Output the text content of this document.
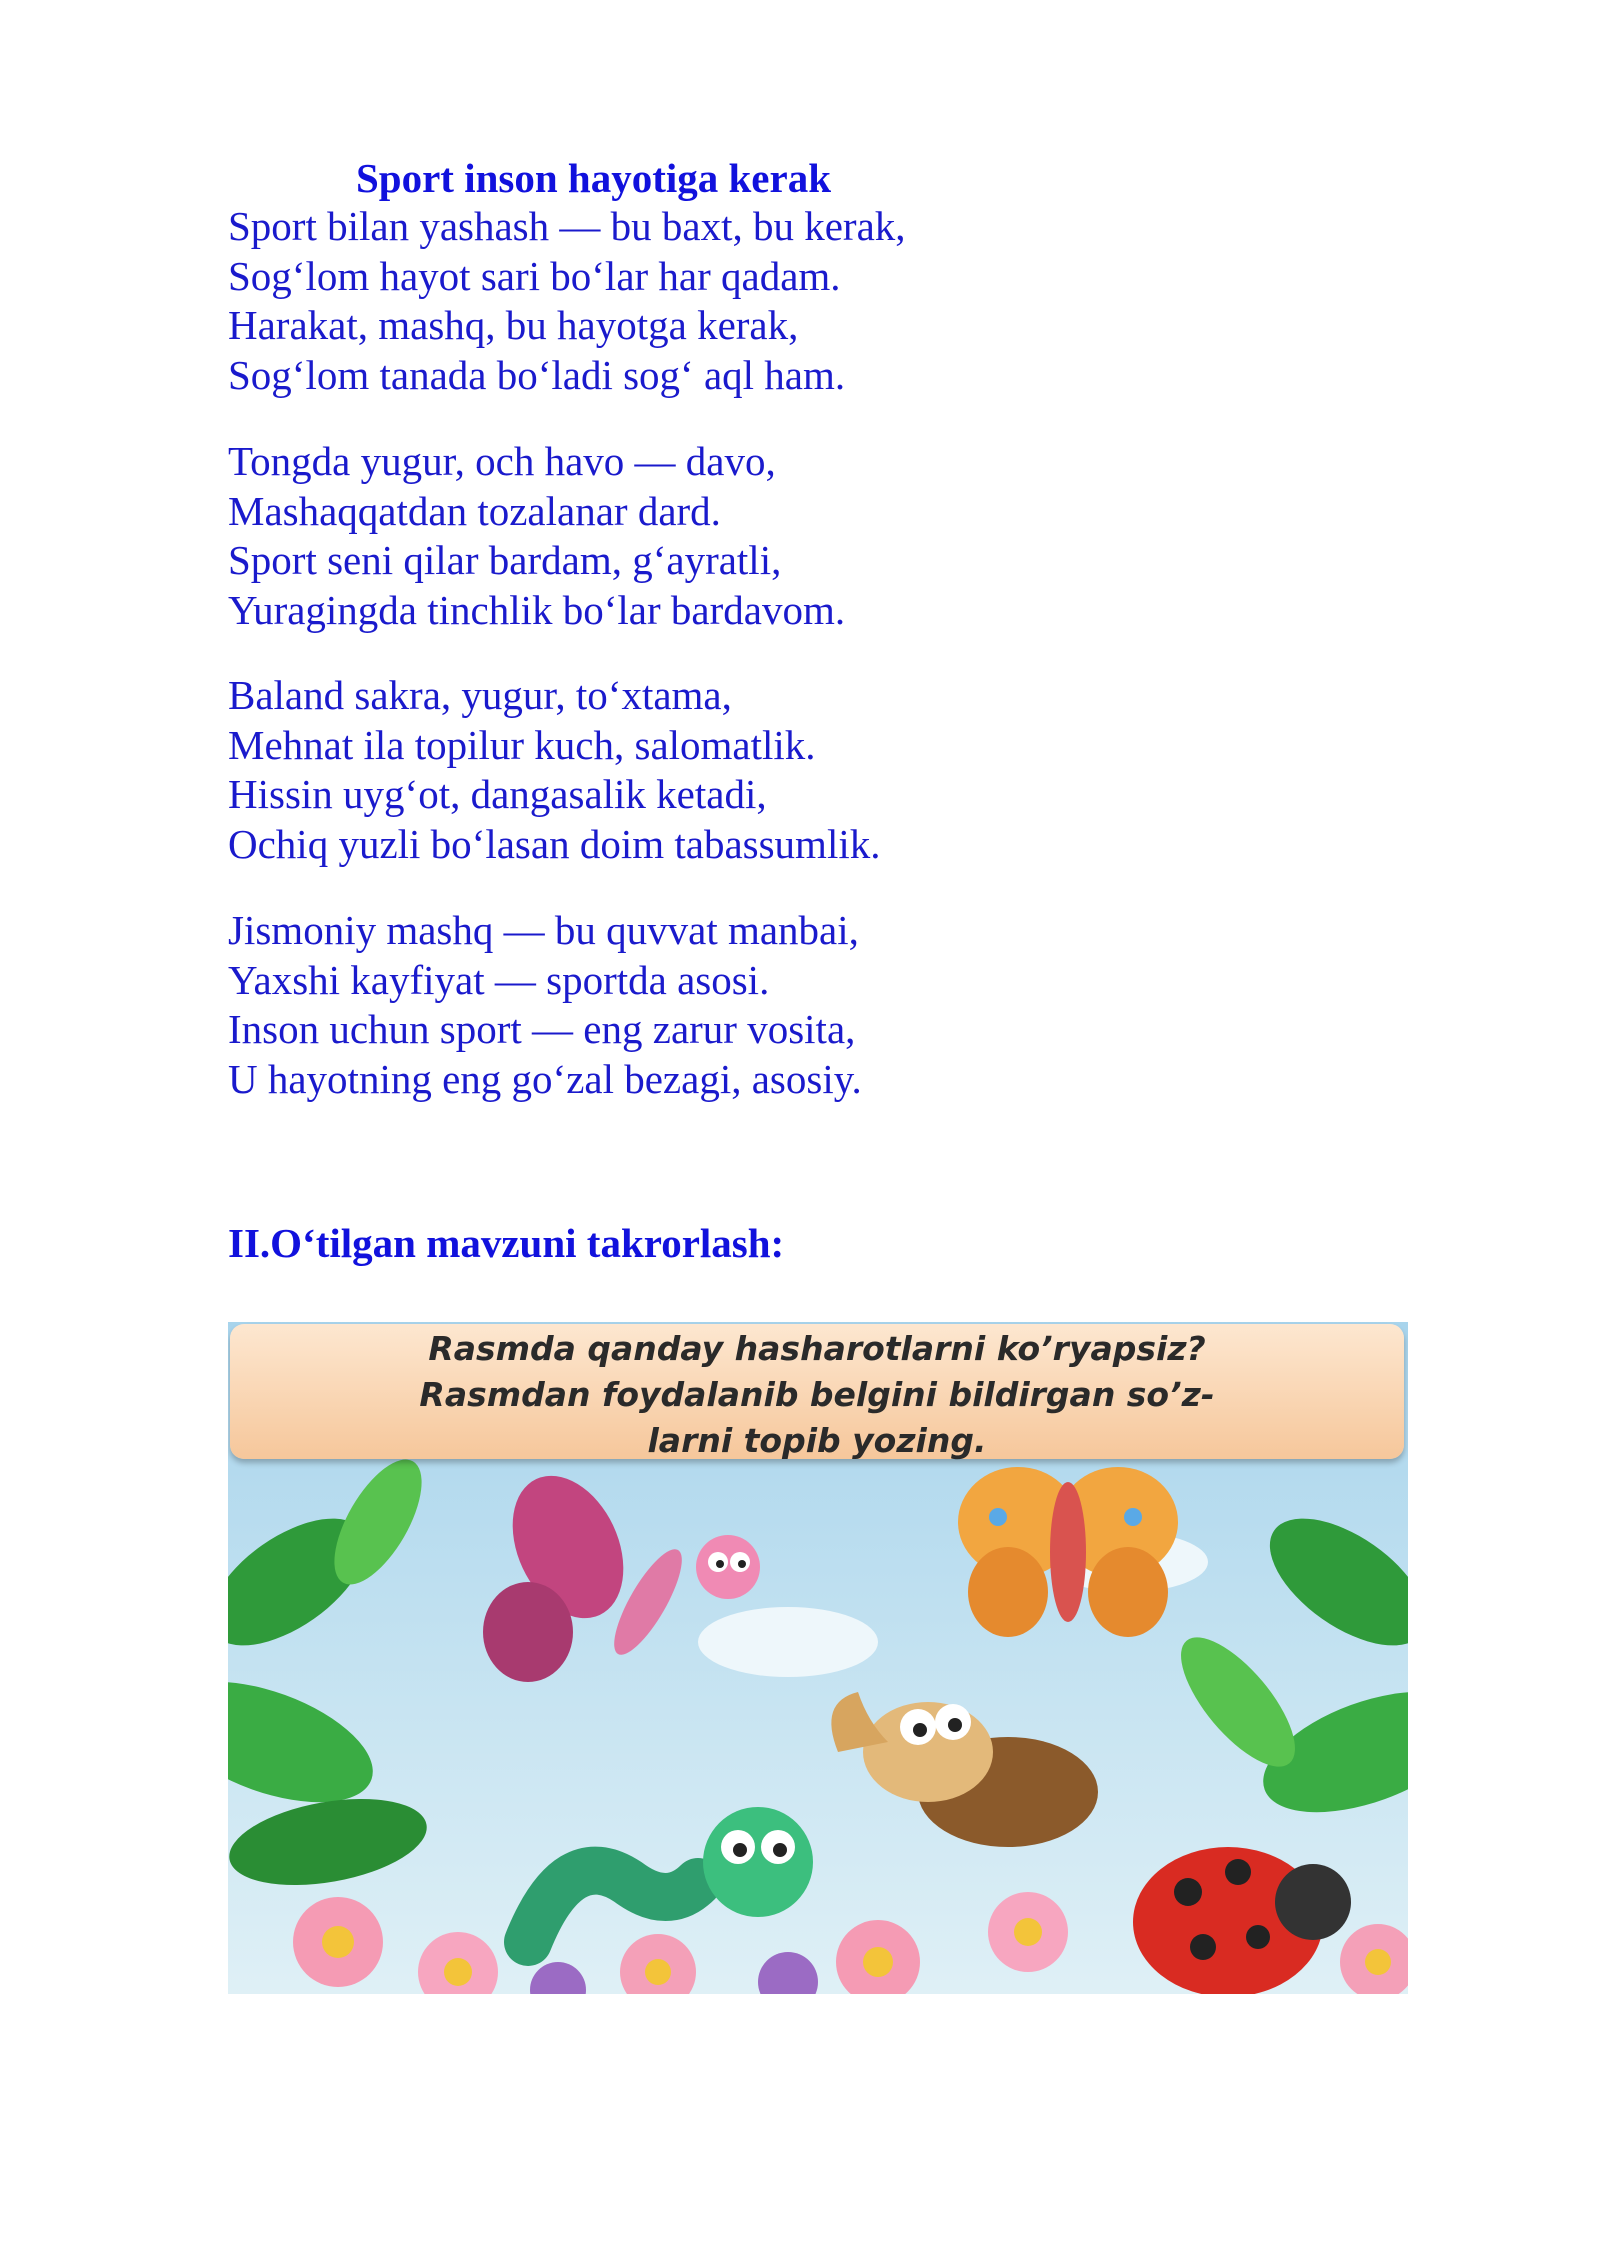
Sport inson hayotiga kerak
Sport bilan yashash — bu baxt, bu kerak,
Sog‘lom hayot sari bo‘lar har qadam.
Harakat, mashq, bu hayotga kerak,
Sog‘lom tanada bo‘ladi sog‘ aql ham.
Tongda yugur, och havo — davo,
Mashaqqatdan tozalanar dard.
Sport seni qilar bardam, g‘ayratli,
Yuragingda tinchlik bo‘lar bardavom.
Baland sakra, yugur, to‘xtama,
Mehnat ila topilur kuch, salomatlik.
Hissin uyg‘ot, dangasalik ketadi,
Ochiq yuzli bo‘lasan doim tabassumlik.
Jismoniy mashq — bu quvvat manbai,
Yaxshi kayfiyat — sportda asosi.
Inson uchun sport — eng zarur vosita,
U hayotning eng go‘zal bezagi, asosiy.
II.O‘tilgan mavzuni takrorlash:
Rasmda qanday hasharotlarni ko’ryapsiz?
Rasmdan foydalanib belgini bildirgan so’z-
larni topib yozing.
